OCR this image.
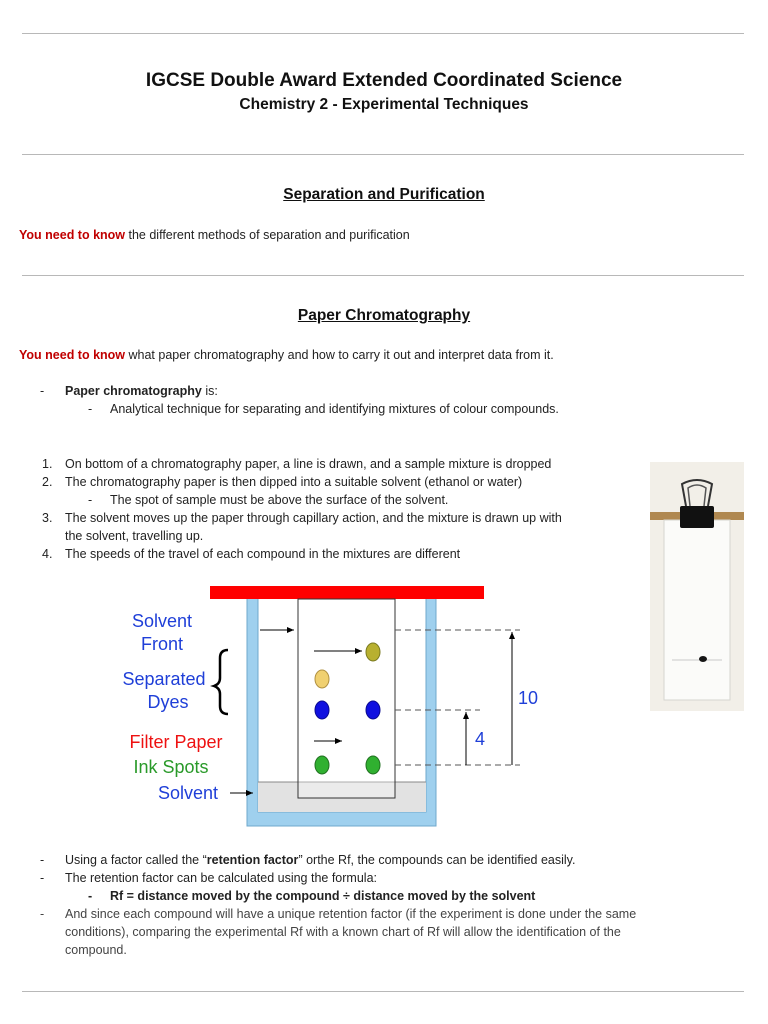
IGCSE Double Award Extended Coordinated Science
Chemistry 2 - Experimental Techniques
Separation and Purification
You need to know the different methods of separation and purification
Paper Chromatography
You need to know what paper chromatography and how to carry it out and interpret data from it.
- Paper chromatography is:
- Analytical technique for separating and identifying mixtures of colour compounds.
1. On bottom of a chromatography paper, a line is drawn, and a sample mixture is dropped
2. The chromatography paper is then dipped into a suitable solvent (ethanol or water)
- The spot of sample must be above the surface of the solvent.
3. The solvent moves up the paper through capillary action, and the mixture is drawn up with
the solvent, travelling up.
4. The speeds of the travel of each compound in the mixtures are different
Solvent
Front
Separated
Dyes
Filter Paper
Ink Spots
Solvent
10
4
- Using a factor called the “retention factor” orthe Rf, the compounds can be identified easily.
- The retention factor can be calculated using the formula:
- Rf = distance moved by the compound ÷ distance moved by the solvent
- And since each compound will have a unique retention factor (if the experiment is done under the same
conditions), comparing the experimental Rf with a known chart of Rf will allow the identification of the
compound.
